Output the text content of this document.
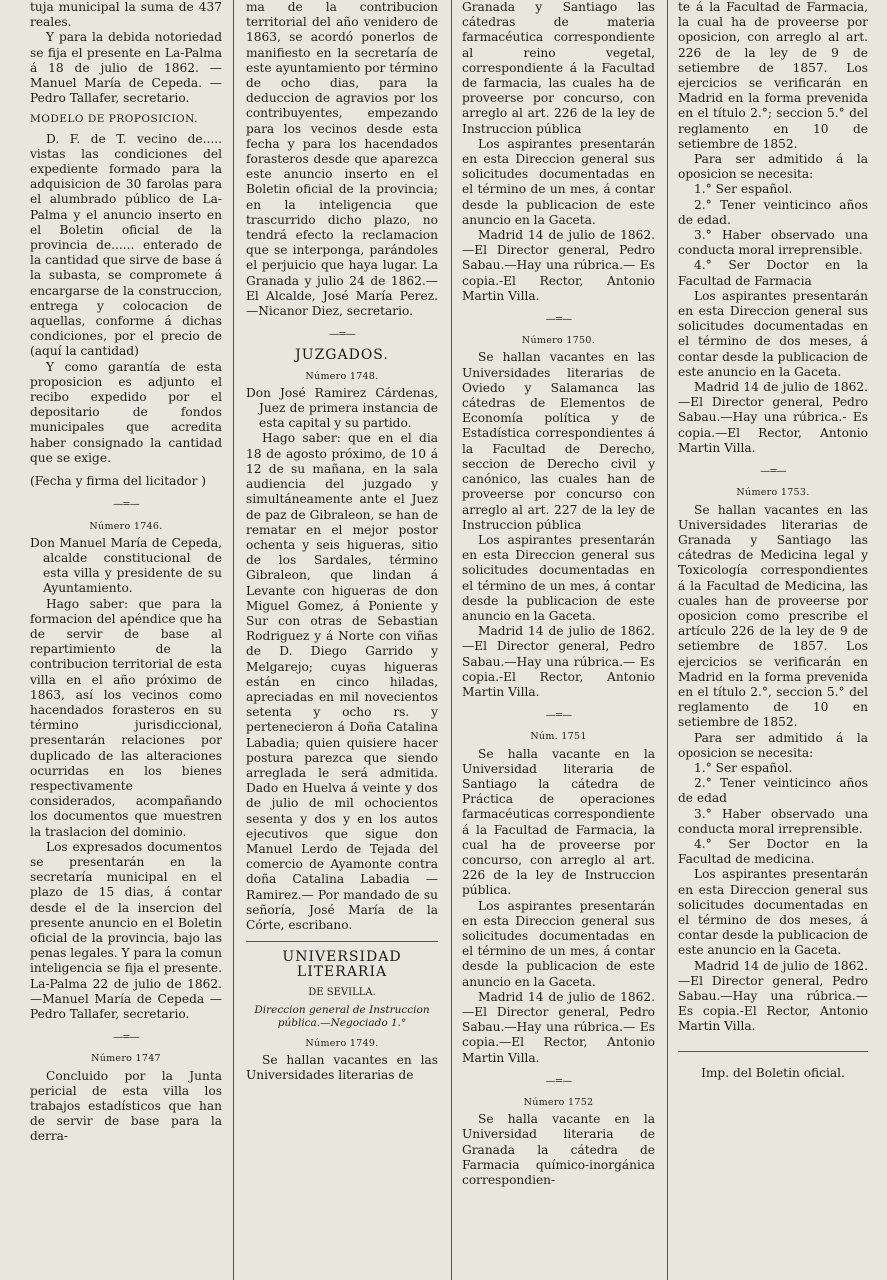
tuja municipal la suma de 437 reales.

Y para la debida notoriedad se fija el presente en La-Palma á 18 de julio de 1862. —Manuel María de Cepeda. —Pedro Tallafer, secretario.

MODELO DE PROPOSICION.

D. F. de T. vecino de..... vistas las condiciones del expediente formado para la adquisicion de 30 farolas para el alumbrado público de La-Palma y el anuncio inserto en el Boletin oficial de la provincia de...... enterado de la cantidad que sirve de base á la subasta, se compromete á encargarse de la construccion, entrega y colocacion de aquellas, conforme á dichas condiciones, por el precio de (aquí la cantidad)

Y como garantía de esta proposicion es adjunto el recibo expedido por el depositario de fondos municipales que acredita haber consignado la cantidad que se exige.

(Fecha y firma del licitador )

—=—

Número 1746.

Don Manuel María de Cepeda, alcalde constitucional de esta villa y presidente de su Ayuntamiento.

Hago saber: que para la formacion del apéndice que ha de servir de base al repartimiento de la contribucion territorial de esta villa en el año próximo de 1863, así los vecinos como hacendados forasteros en su término jurisdiccional, presentarán relaciones por duplicado de las alteraciones ocurridas en los bienes respectivamente considerados, acompañando los documentos que muestren la traslacion del dominio.

Los expresados documentos se presentarán en la secretaría municipal en el plazo de 15 dias, á contar desde el de la insercion del presente anuncio en el Boletin oficial de la provincia, bajo las penas legales. Y para la comun inteligencia se fija el presente. La-Palma 22 de julio de 1862.—Manuel María de Cepeda —Pedro Tallafer, secretario.

—=—

Número 1747

Concluido por la Junta pericial de esta villa los trabajos estadísticos que han de servir de base para la derra-

ma de la contribucion territorial del año venidero de 1863, se acordó ponerlos de manifiesto en la secretaría de este ayuntamiento por término de ocho dias, para la deduccion de agravios por los contribuyentes, empezando para los vecinos desde esta fecha y para los hacendados forasteros desde que aparezca este anuncio inserto en el Boletin oficial de la provincia; en la inteligencia que trascurrido dicho plazo, no tendrá efecto la reclamacion que se interponga, parándoles el perjuicio que haya lugar. La Granada y julio 24 de 1862.—El Alcalde, José María Perez. —Nicanor Diez, secretario.

—=—

JUZGADOS.

Número 1748.

Don José Ramirez Cárdenas, Juez de primera instancia de esta capital y su partido.

Hago saber: que en el dia 18 de agosto próximo, de 10 á 12 de su mañana, en la sala audiencia del juzgado y simultáneamente ante el Juez de paz de Gibraleon, se han de rematar en el mejor postor ochenta y seis higueras, sitio de los Sardales, término Gibraleon, que lindan á Levante con higueras de don Miguel Gomez, á Poniente y Sur con otras de Sebastian Rodriguez y á Norte con viñas de D. Diego Garrido y Melgarejo; cuyas higueras están en cinco hiladas, apreciadas en mil novecientos setenta y ocho rs. y pertenecieron á Doña Catalina Labadia; quien quisiere hacer postura parezca que siendo arreglada le será admitida. Dado en Huelva á veinte y dos de julio de mil ochocientos sesenta y dos y en los autos ejecutivos que sigue don Manuel Lerdo de Tejada del comercio de Ayamonte contra doña Catalina Labadia —Ramirez.— Por mandado de su señoría, José María de la Córte, escribano.

UNIVERSIDAD LITERARIA

DE SEVILLA.

Direccion general de Instruccion pública.—Negociado 1.°

Número 1749.

Se hallan vacantes en las Universidades literarias de

Granada y Santiago las cátedras de materia farmacéutica correspondiente al reino vegetal, correspondiente á la Facultad de farmacia, las cuales ha de proveerse por concurso, con arreglo al art. 226 de la ley de Instruccion pública

Los aspirantes presentarán en esta Direccion general sus solicitudes documentadas en el término de un mes, á contar desde la publicacion de este anuncio en la Gaceta.

Madrid 14 de julio de 1862. —El Director general, Pedro Sabau.—Hay una rúbrica.— Es copia.-El Rector, Antonio Martin Villa.

—=—

Número 1750.

Se hallan vacantes en las Universidades literarias de Oviedo y Salamanca las cátedras de Elementos de Economía política y de Estadística correspondientes á la Facultad de Derecho, seccion de Derecho civil y canónico, las cuales han de proveerse por concurso con arreglo al art. 227 de la ley de Instruccion pública

Los aspirantes presentarán en esta Direccion general sus solicitudes documentadas en el término de un mes, á contar desde la publicacion de este anuncio en la Gaceta.

Madrid 14 de julio de 1862. —El Director general, Pedro Sabau.—Hay una rúbrica.— Es copia.-El Rector, Antonio Martin Villa.

—=—

Núm. 1751

Se halla vacante en la Universidad literaria de Santiago la cátedra de Práctica de operaciones farmacéuticas correspondiente á la Facultad de Farmacia, la cual ha de proveerse por concurso, con arreglo al art. 226 de la ley de Instruccion pública.

Los aspirantes presentarán en esta Direccion general sus solicitudes documentadas en el término de un mes, á contar desde la publicacion de este anuncio en la Gaceta.

Madrid 14 de julio de 1862. —El Director general, Pedro Sabau.—Hay una rúbrica.— Es copia.—El Rector, Antonio Martin Villa.

—=—

Número 1752

Se halla vacante en la Universidad literaria de Granada la cátedra de Farmacia químico-inorgánica correspondien-

te á la Facultad de Farmacia, la cual ha de proveerse por oposicion, con arreglo al art. 226 de la ley de 9 de setiembre de 1857. Los ejercicios se verificarán en Madrid en la forma prevenida en el título 2.°; seccion 5.° del reglamento en 10 de setiembre de 1852.

Para ser admitido á la oposicion se necesita:

1.° Ser español.

2.° Tener veinticinco años de edad.

3.° Haber observado una conducta moral irreprensible.

4.° Ser Doctor en la Facultad de Farmacia

Los aspirantes presentarán en esta Direccion general sus solicitudes documentadas en el término de dos meses, á contar desde la publicacion de este anuncio en la Gaceta.

Madrid 14 de julio de 1862. —El Director general, Pedro Sabau.—Hay una rúbrica.- Es copia.—El Rector, Antonio Martin Villa.

—=—

Número 1753.

Se hallan vacantes en las Universidades literarias de Granada y Santiago las cátedras de Medicina legal y Toxicología correspondientes á la Facultad de Medicina, las cuales han de proveerse por oposicion como prescribe el artículo 226 de la ley de 9 de setiembre de 1857. Los ejercicios se verificarán en Madrid en la forma prevenida en el título 2.°, seccion 5.° del reglamento de 10 en setiembre de 1852.

Para ser admitido á la oposicion se necesita:

1.° Ser español.

2.° Tener veinticinco años de edad

3.° Haber observado una conducta moral irreprensible.

4.° Ser Doctor en la Facultad de medicina.

Los aspirantes presentarán en esta Direccion general sus solicitudes documentadas en el término de dos meses, á contar desde la publicacion de este anuncio en la Gaceta.

Madrid 14 de julio de 1862. —El Director general, Pedro Sabau.—Hay una rúbrica.— Es copia.-El Rector, Antonio Martin Villa.

Imp. del Boletin oficial.
